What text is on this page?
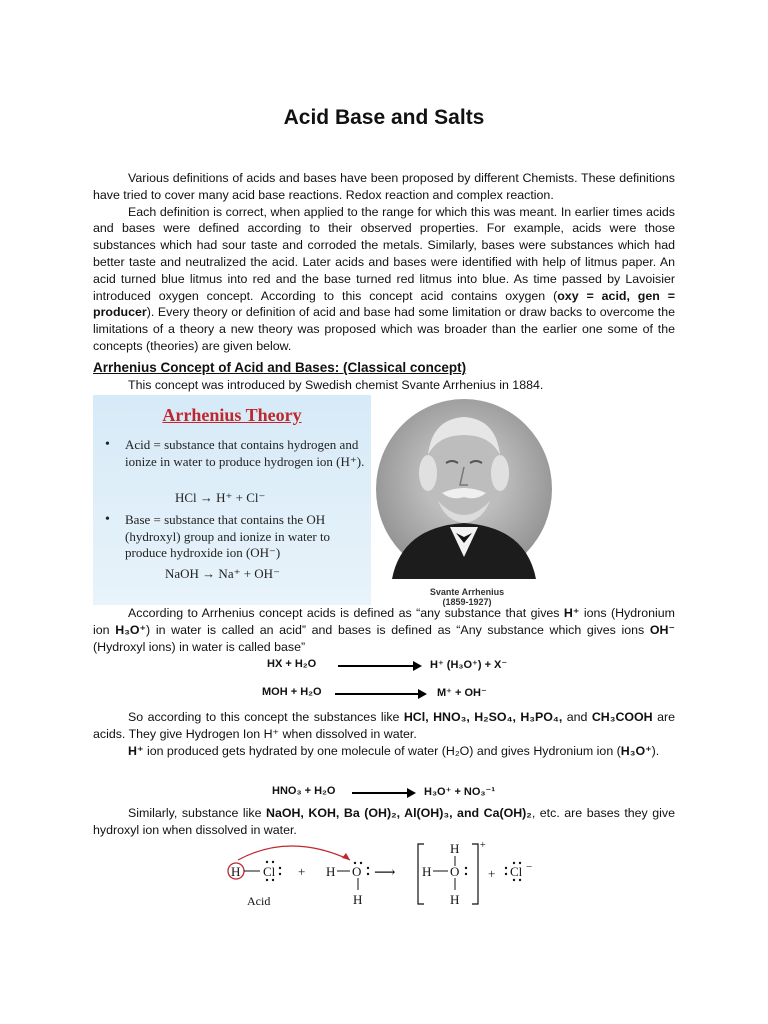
Acid Base and Salts

Various definitions of acids and bases have been proposed by different Chemists. These definitions have tried to cover many acid base reactions. Redox reaction and complex reaction.

Each definition is correct, when applied to the range for which this was meant. In earlier times acids and bases were defined according to their observed properties. For example, acids were those substances which had sour taste and corroded the metals. Similarly, bases were substances which had better taste and neutralized the acid. Later acids and bases were identified with help of litmus paper. An acid turned blue litmus into red and the base turned red litmus into blue. As time passed by Lavoisier introduced oxygen concept. According to this concept acid contains oxygen (oxy = acid, gen = producer). Every theory or definition of acid and base had some limitation or draw backs to overcome the limitations of a theory a new theory was proposed which was broader than the earlier one some of the concepts (theories) are given below.

Arrhenius Concept of Acid and Bases: (Classical concept)

This concept was introduced by Swedish chemist Svante Arrhenius in 1884.

Arrhenius Theory

• Acid = substance that contains hydrogen and ionize in water to produce hydrogen ion (H⁺).

HCl → H⁺ + Cl⁻

• Base = substance that contains the OH (hydroxyl) group and ionize in water to produce hydroxide ion (OH⁻)

NaOH → Na⁺ + OH⁻

Svante Arrhenius

(1859-1927)

According to Arrhenius concept acids is defined as “any substance that gives H⁺ ions (Hydronium ion H₃O⁺) in water is called an acid” and bases is defined as “Any substance which gives ions OH⁻ (Hydroxyl ions) in water is called base”

HX + H₂O	H⁺ (H₃O⁺) + X⁻

MOH + H₂O	M⁺ + OH⁻

So according to this concept the substances like HCl, HNO₃, H₂SO₄, H₃PO₄, and CH₃COOH are acids. They give Hydrogen Ion H⁺ when dissolved in water.

H⁺ ion produced gets hydrated by one molecule of water (H₂O) and gives Hydronium ion (H₃O⁺).

HNO₃ + H₂O	H₃O⁺ + NO₃⁻¹

Similarly, substance like NaOH, KOH, Ba (OH)₂, Al(OH)₃, and Ca(OH)₂, etc. are bases they give hydroxyl ion when dissolved in water.

H Cl + H O
H
⟶
H
H O
H
+
+ Cl −

Acid
